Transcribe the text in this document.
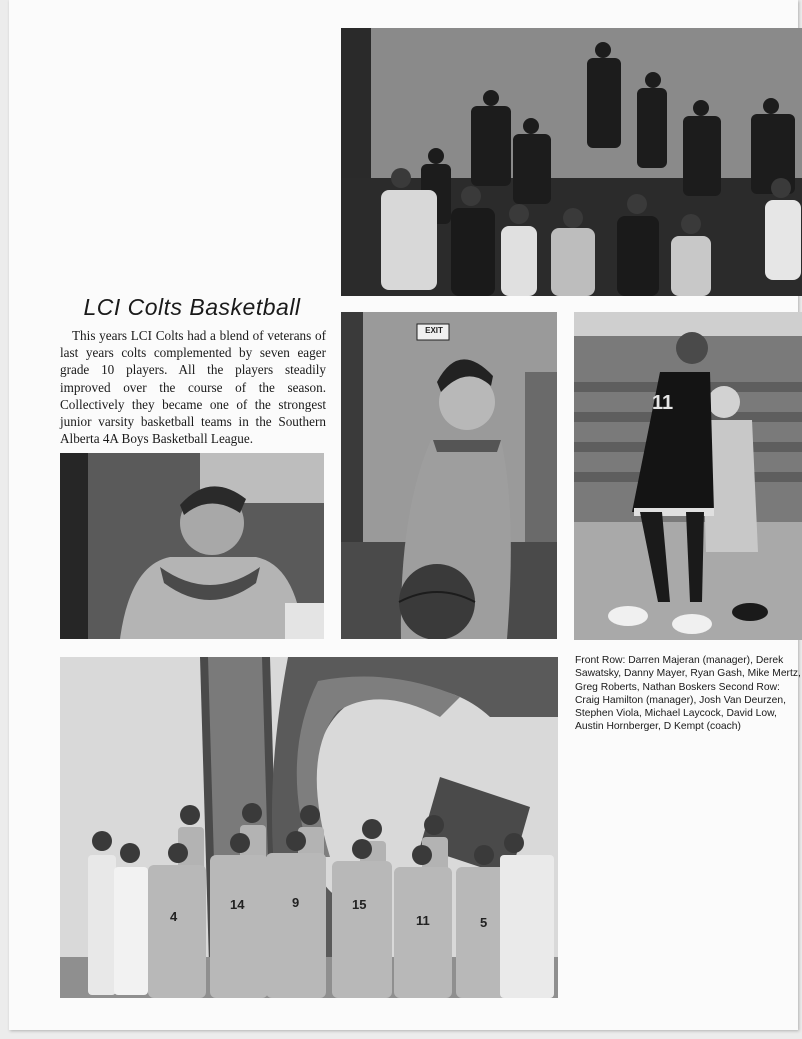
LCI Colts Basketball
This years LCI Colts had a blend of veterans of last years colts complemented by seven eager grade 10 players. All the players steadily improved over the course of the season. Collectively they became one of the strongest junior varsity basketball teams in the Southern Alberta 4A Boys Basketball League.
EXIT
11
4
14	9	15
11	5
Front Row: Darren Majeran (manager), Derek Sawatsky, Danny Mayer, Ryan Gash, Mike Mertz, Greg Roberts, Nathan Boskers Second Row: Craig Hamilton (manager), Josh Van Deurzen, Stephen Viola, Michael Laycock, David Low, Austin Hornberger, D Kempt (coach)
